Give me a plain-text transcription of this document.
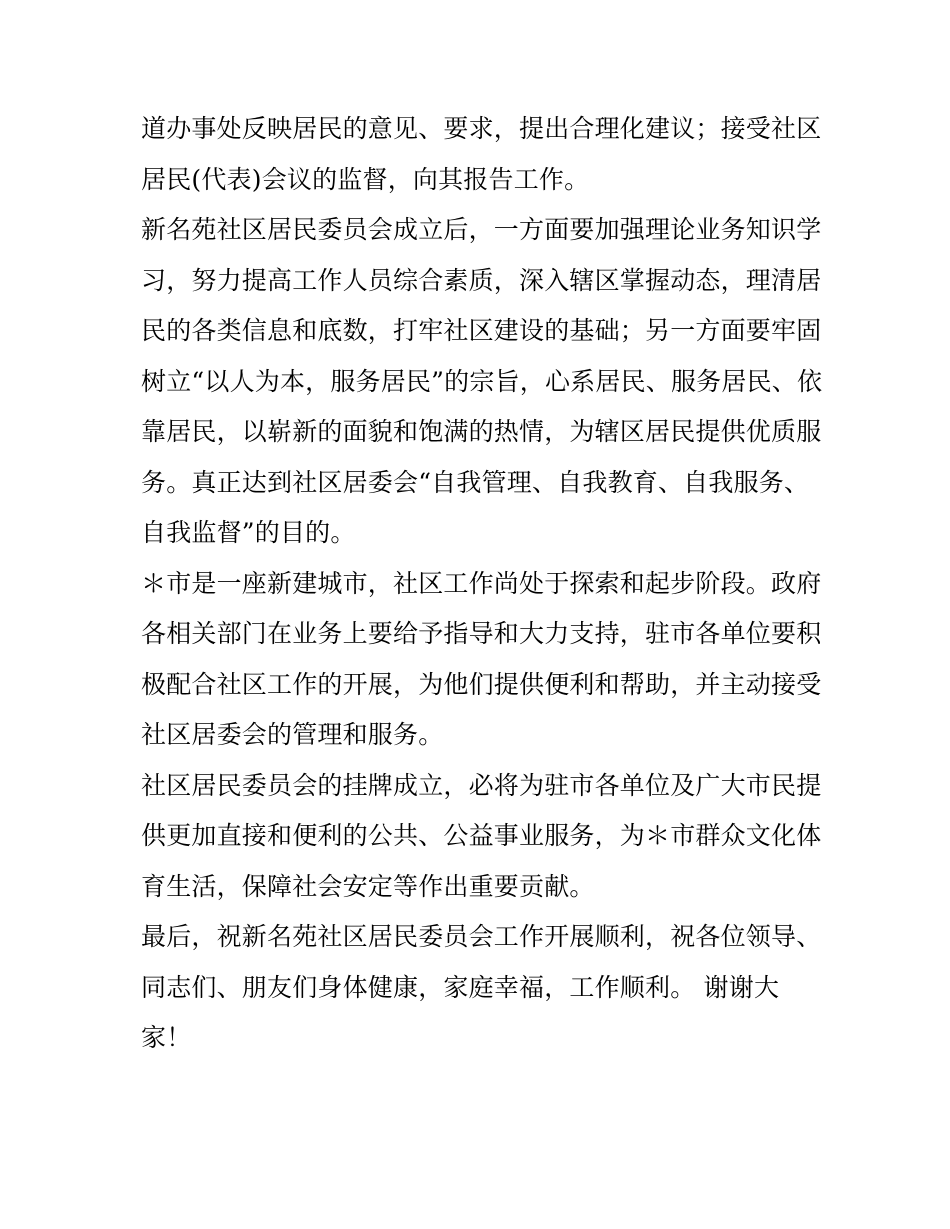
道办事处反映居民的意见、要求，提出合理化建议；接受社区
居民(代表)会议的监督，向其报告工作。
新名苑社区居民委员会成立后，一方面要加强理论业务知识学
习，努力提高工作人员综合素质，深入辖区掌握动态，理清居
民的各类信息和底数，打牢社区建设的基础；另一方面要牢固
树立“以人为本，服务居民”的宗旨，心系居民、服务居民、依
靠居民，以崭新的面貌和饱满的热情，为辖区居民提供优质服
务。真正达到社区居委会“自我管理、自我教育、自我服务、
自我监督”的目的。
＊市是一座新建城市，社区工作尚处于探索和起步阶段。政府
各相关部门在业务上要给予指导和大力支持，驻市各单位要积
极配合社区工作的开展，为他们提供便利和帮助，并主动接受
社区居委会的管理和服务。
社区居民委员会的挂牌成立，必将为驻市各单位及广大市民提
供更加直接和便利的公共、公益事业服务，为＊市群众文化体
育生活，保障社会安定等作出重要贡献。
最后，祝新名苑社区居民委员会工作开展顺利，祝各位领导、
同志们、朋友们身体健康，家庭幸福，工作顺利。 谢谢大
家！
